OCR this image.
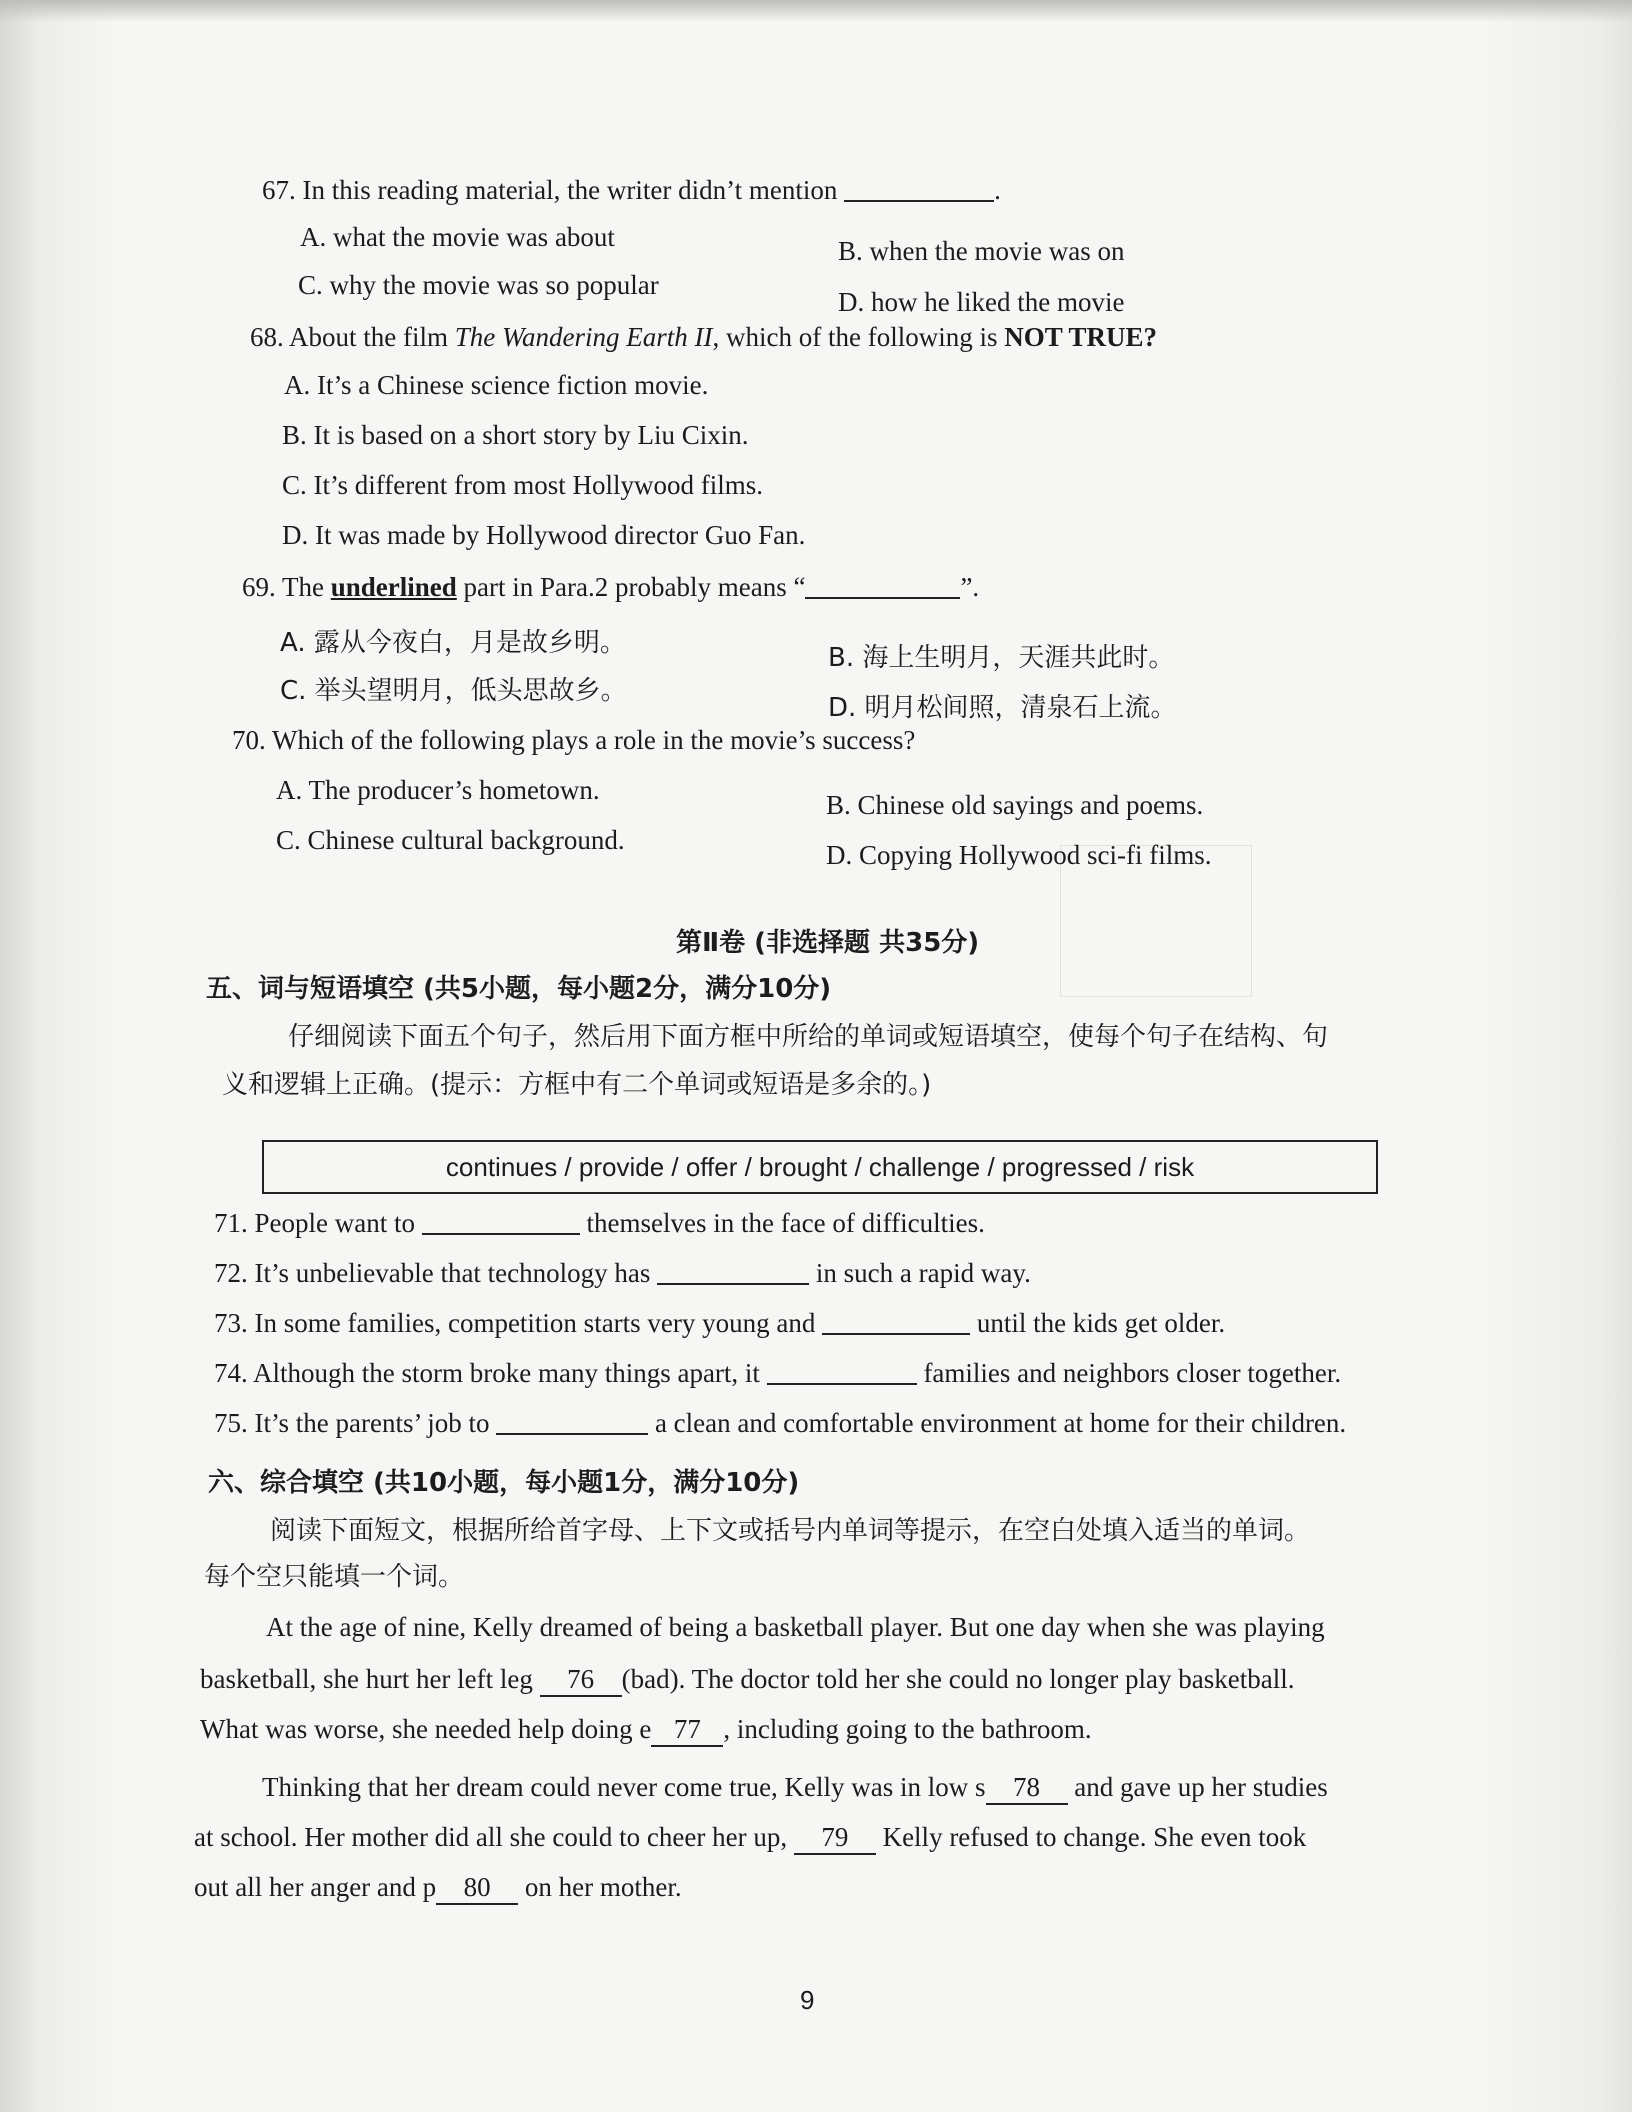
67. In this reading material, the writer didn’t mention	.
A. what the movie was about	B. when the movie was on
C. why the movie was so popular
D. how he liked the movie
68. About the film The Wandering Earth II, which of the following is NOT TRUE?
A. It’s a Chinese science fiction movie.
B. It is based on a short story by Liu Cixin.
C. It’s different from most Hollywood films.
D. It was made by Hollywood director Guo Fan.
69. The underlined part in Para.2 probably means “	”.
A. 露从今夜白，月是故乡明。	B. 海上生明月，天涯共此时。
C. 举头望明月，低头思故乡。
D. 明月松间照，清泉石上流。
70. Which of the following plays a role in the movie’s success?
A. The producer’s hometown.	B. Chinese old sayings and poems.
C. Chinese cultural background.	D. Copying Hollywood sci-fi films.
第Ⅱ卷 (非选择题 共35分)
五、词与短语填空 (共5小题，每小题2分，满分10分)
仔细阅读下面五个句子，然后用下面方框中所给的单词或短语填空，使每个句子在结构、句
义和逻辑上正确。(提示：方框中有二个单词或短语是多余的。)
continues / provide / offer / brought / challenge / progressed / risk
71. People want to	themselves in the face of difficulties.
72. It’s unbelievable that technology has	in such a rapid way.
73. In some families, competition starts very young and	until the kids get older.
74. Although the storm broke many things apart, it	families and neighbors closer together.
75. It’s the parents’ job to	a clean and comfortable environment at home for their children.
六、综合填空 (共10小题，每小题1分，满分10分)
阅读下面短文，根据所给首字母、上下文或括号内单词等提示，在空白处填入适当的单词。
每个空只能填一个词。
At the age of nine, Kelly dreamed of being a basketball player. But one day when she was playing
basketball, she hurt her left leg 76 (bad). The doctor told her she could no longer play basketball.
What was worse, she needed help doing e 77 , including going to the bathroom.
Thinking that her dream could never come true, Kelly was in low s 78 and gave up her studies
at school. Her mother did all she could to cheer her up, 79 Kelly refused to change. She even took
out all her anger and p 80 on her mother.
9
